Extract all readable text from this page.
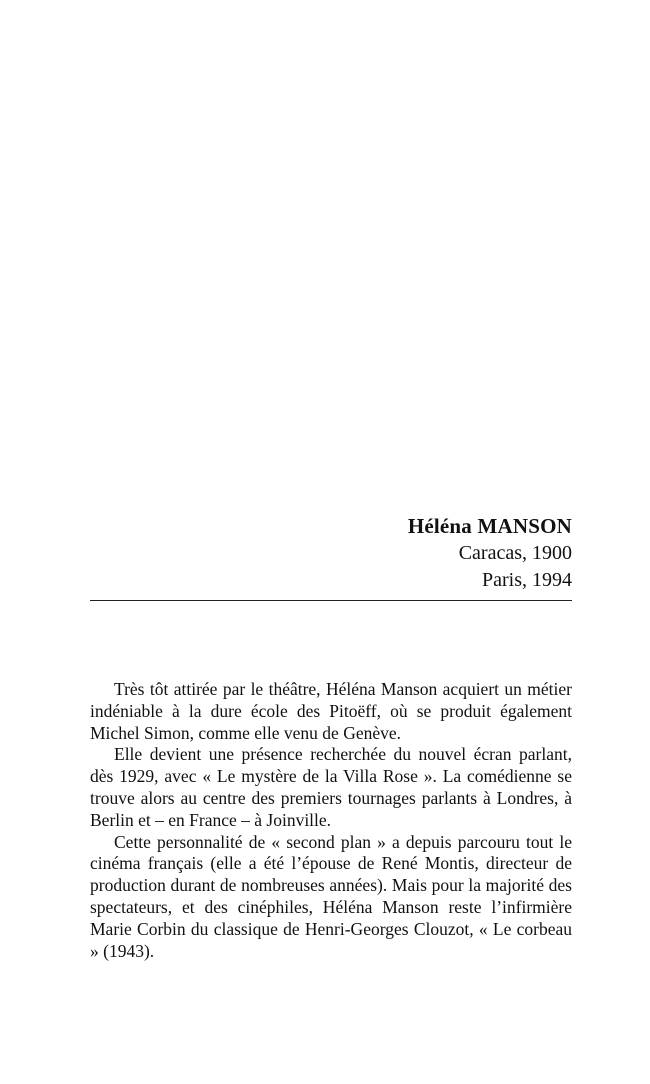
Héléna MANSON
Caracas, 1900
Paris, 1994

Très tôt attirée par le théâtre, Héléna Manson acquiert un métier indéniable à la dure école des Pitoëff, où se produit également Michel Simon, comme elle venu de Genève.

Elle devient une présence recherchée du nouvel écran parlant, dès 1929, avec « Le mystère de la Villa Rose ». La comédienne se trouve alors au centre des premiers tournages parlants à Londres, à Berlin et – en France – à Joinville.

Cette personnalité de « second plan » a depuis parcouru tout le cinéma français (elle a été l’épouse de René Montis, directeur de production durant de nombreuses années). Mais pour la majorité des spectateurs, et des cinéphiles, Héléna Manson reste l’infirmière Marie Corbin du classique de Henri-Georges Clouzot, « Le corbeau » (1943).
